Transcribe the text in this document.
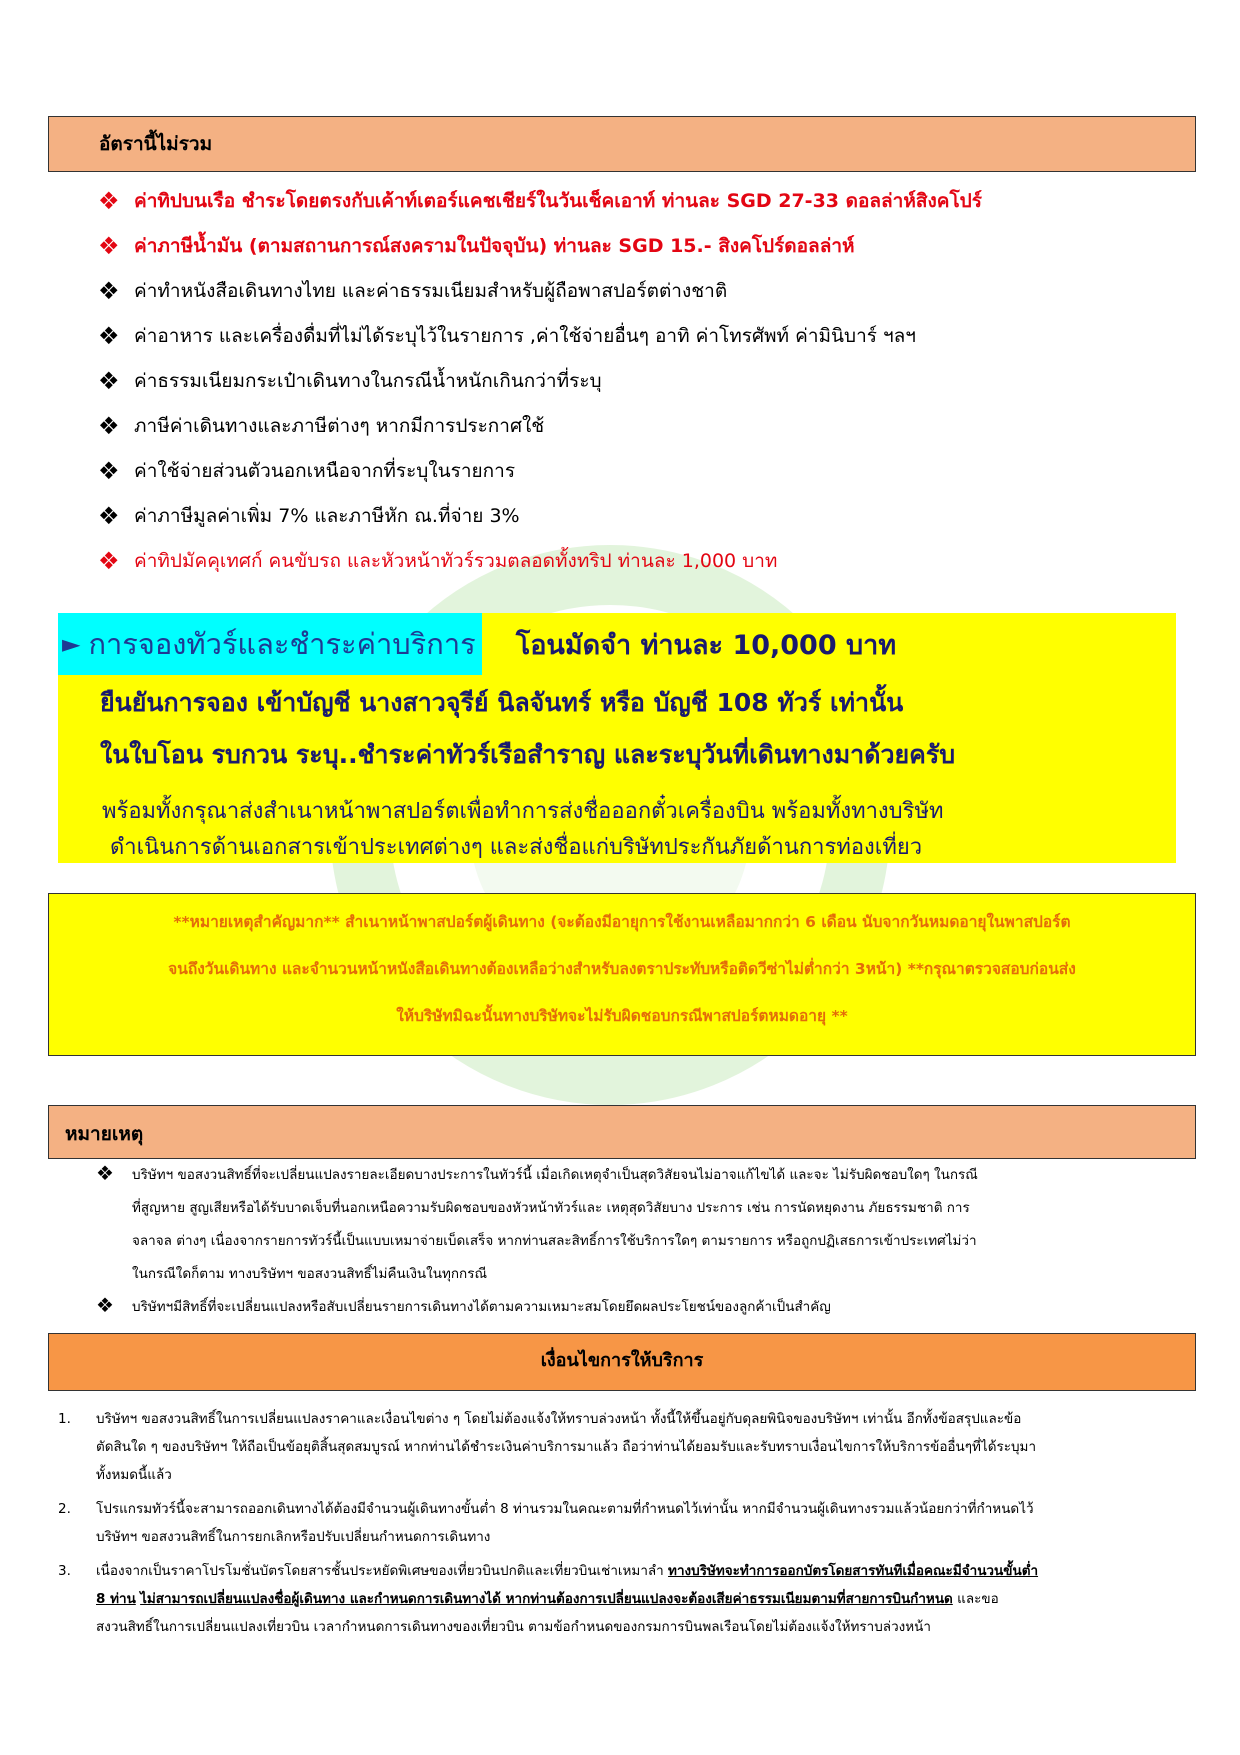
อัตรานี้ไม่รวม
❖ ค่าทิปบนเรือ ชำระโดยตรงกับเค้าท์เตอร์แคชเชียร์ในวันเช็คเอาท์ ท่านละ SGD 27-33 ดอลล่าห์สิงคโปร์
❖ ค่าภาษีน้ำมัน (ตามสถานการณ์สงครามในปัจจุบัน) ท่านละ SGD 15.- สิงคโปร์ดอลล่าห์
❖ ค่าทำหนังสือเดินทางไทย และค่าธรรมเนียมสำหรับผู้ถือพาสปอร์ตต่างชาติ
❖ ค่าอาหาร และเครื่องดื่มที่ไม่ได้ระบุไว้ในรายการ ,ค่าใช้จ่ายอื่นๆ อาทิ ค่าโทรศัพท์ ค่ามินิบาร์ ฯลฯ
❖ ค่าธรรมเนียมกระเป๋าเดินทางในกรณีน้ำหนักเกินกว่าที่ระบุ
❖ ภาษีค่าเดินทางและภาษีต่างๆ หากมีการประกาศใช้
❖ ค่าใช้จ่ายส่วนตัวนอกเหนือจากที่ระบุในรายการ
❖ ค่าภาษีมูลค่าเพิ่ม 7% และภาษีหัก ณ.ที่จ่าย 3%
❖ ค่าทิปมัคคุเทศก์ คนขับรถ และหัวหน้าทัวร์รวมตลอดทั้งทริป ท่านละ 1,000 บาท
► การจองทัวร์และชำระค่าบริการ โอนมัดจำ ท่านละ 10,000 บาท
ยืนยันการจอง เข้าบัญชี นางสาวจุรีย์ นิลจันทร์ หรือ บัญชี 108 ทัวร์ เท่านั้น
ในใบโอน รบกวน ระบุ..ชำระค่าทัวร์เรือสำราญ และระบุวันที่เดินทางมาด้วยครับ
พร้อมทั้งกรุณาส่งสำเนาหน้าพาสปอร์ตเพื่อทำการส่งชื่อออกตั๋วเครื่องบิน พร้อมทั้งทางบริษัท
ดำเนินการด้านเอกสารเข้าประเทศต่างๆ และส่งชื่อแก่บริษัทประกันภัยด้านการท่องเที่ยว
**หมายเหตุสำคัญมาก** สำเนาหน้าพาสปอร์ตผู้เดินทาง (จะต้องมีอายุการใช้งานเหลือมากกว่า 6 เดือน นับจากวันหมดอายุในพาสปอร์ต
จนถึงวันเดินทาง และจำนวนหน้าหนังสือเดินทางต้องเหลือว่างสำหรับลงตราประทับหรือติดวีซ่าไม่ต่ำกว่า 3หน้า) **กรุณาตรวจสอบก่อนส่ง
ให้บริษัทมิฉะนั้นทางบริษัทจะไม่รับผิดชอบกรณีพาสปอร์ตหมดอายุ **
หมายเหตุ
❖	บริษัทฯ ขอสงวนสิทธิ์ที่จะเปลี่ยนแปลงรายละเอียดบางประการในทัวร์นี้ เมื่อเกิดเหตุจำเป็นสุดวิสัยจนไม่อาจแก้ไขได้ และจะ ไม่รับผิดชอบใดๆ ในกรณี
ที่สูญหาย สูญเสียหรือได้รับบาดเจ็บที่นอกเหนือความรับผิดชอบของหัวหน้าทัวร์และ เหตุสุดวิสัยบาง ประการ เช่น การนัดหยุดงาน ภัยธรรมชาติ การ
จลาจล ต่างๆ เนื่องจากรายการทัวร์นี้เป็นแบบเหมาจ่ายเบ็ดเสร็จ หากท่านสละสิทธิ์การใช้บริการใดๆ ตามรายการ หรือถูกปฏิเสธการเข้าประเทศไม่ว่า
ในกรณีใดก็ตาม ทางบริษัทฯ ขอสงวนสิทธิ์ไม่คืนเงินในทุกกรณี
❖	บริษัทฯมีสิทธิ์ที่จะเปลี่ยนแปลงหรือสับเปลี่ยนรายการเดินทางได้ตามความเหมาะสมโดยยึดผลประโยชน์ของลูกค้าเป็นสำคัญ
เงื่อนไขการให้บริการ
1.	บริษัทฯ ขอสงวนสิทธิ์ในการเปลี่ยนแปลงราคาและเงื่อนไขต่าง ๆ โดยไม่ต้องแจ้งให้ทราบล่วงหน้า ทั้งนี้ให้ขึ้นอยู่กับดุลยพินิจของบริษัทฯ เท่านั้น อีกทั้งข้อสรุปและข้อ
ตัดสินใด ๆ ของบริษัทฯ ให้ถือเป็นข้อยุติสิ้นสุดสมบูรณ์ หากท่านได้ชำระเงินค่าบริการมาแล้ว ถือว่าท่านได้ยอมรับและรับทราบเงื่อนไขการให้บริการข้ออื่นๆที่ได้ระบุมา
ทั้งหมดนี้แล้ว
2.	โปรแกรมทัวร์นี้จะสามารถออกเดินทางได้ต้องมีจำนวนผู้เดินทางขั้นต่ำ 8 ท่านรวมในคณะตามที่กำหนดไว้เท่านั้น หากมีจำนวนผู้เดินทางรวมแล้วน้อยกว่าที่กำหนดไว้
บริษัทฯ ขอสงวนสิทธิ์ในการยกเลิกหรือปรับเปลี่ยนกำหนดการเดินทาง
3.	เนื่องจากเป็นราคาโปรโมชั่นบัตรโดยสารชั้นประหยัดพิเศษของเที่ยวบินปกติและเที่ยวบินเช่าเหมาลำ ทางบริษัทจะทำการออกบัตรโดยสารทันทีเมื่อคณะมีจำนวนขั้นต่ำ
8 ท่าน ไม่สามารถเปลี่ยนแปลงชื่อผู้เดินทาง และกำหนดการเดินทางได้ หากท่านต้องการเปลี่ยนแปลงจะต้องเสียค่าธรรมเนียมตามที่สายการบินกำหนด และขอ
สงวนสิทธิ์ในการเปลี่ยนแปลงเที่ยวบิน เวลากำหนดการเดินทางของเที่ยวบิน ตามข้อกำหนดของกรมการบินพลเรือนโดยไม่ต้องแจ้งให้ทราบล่วงหน้า
